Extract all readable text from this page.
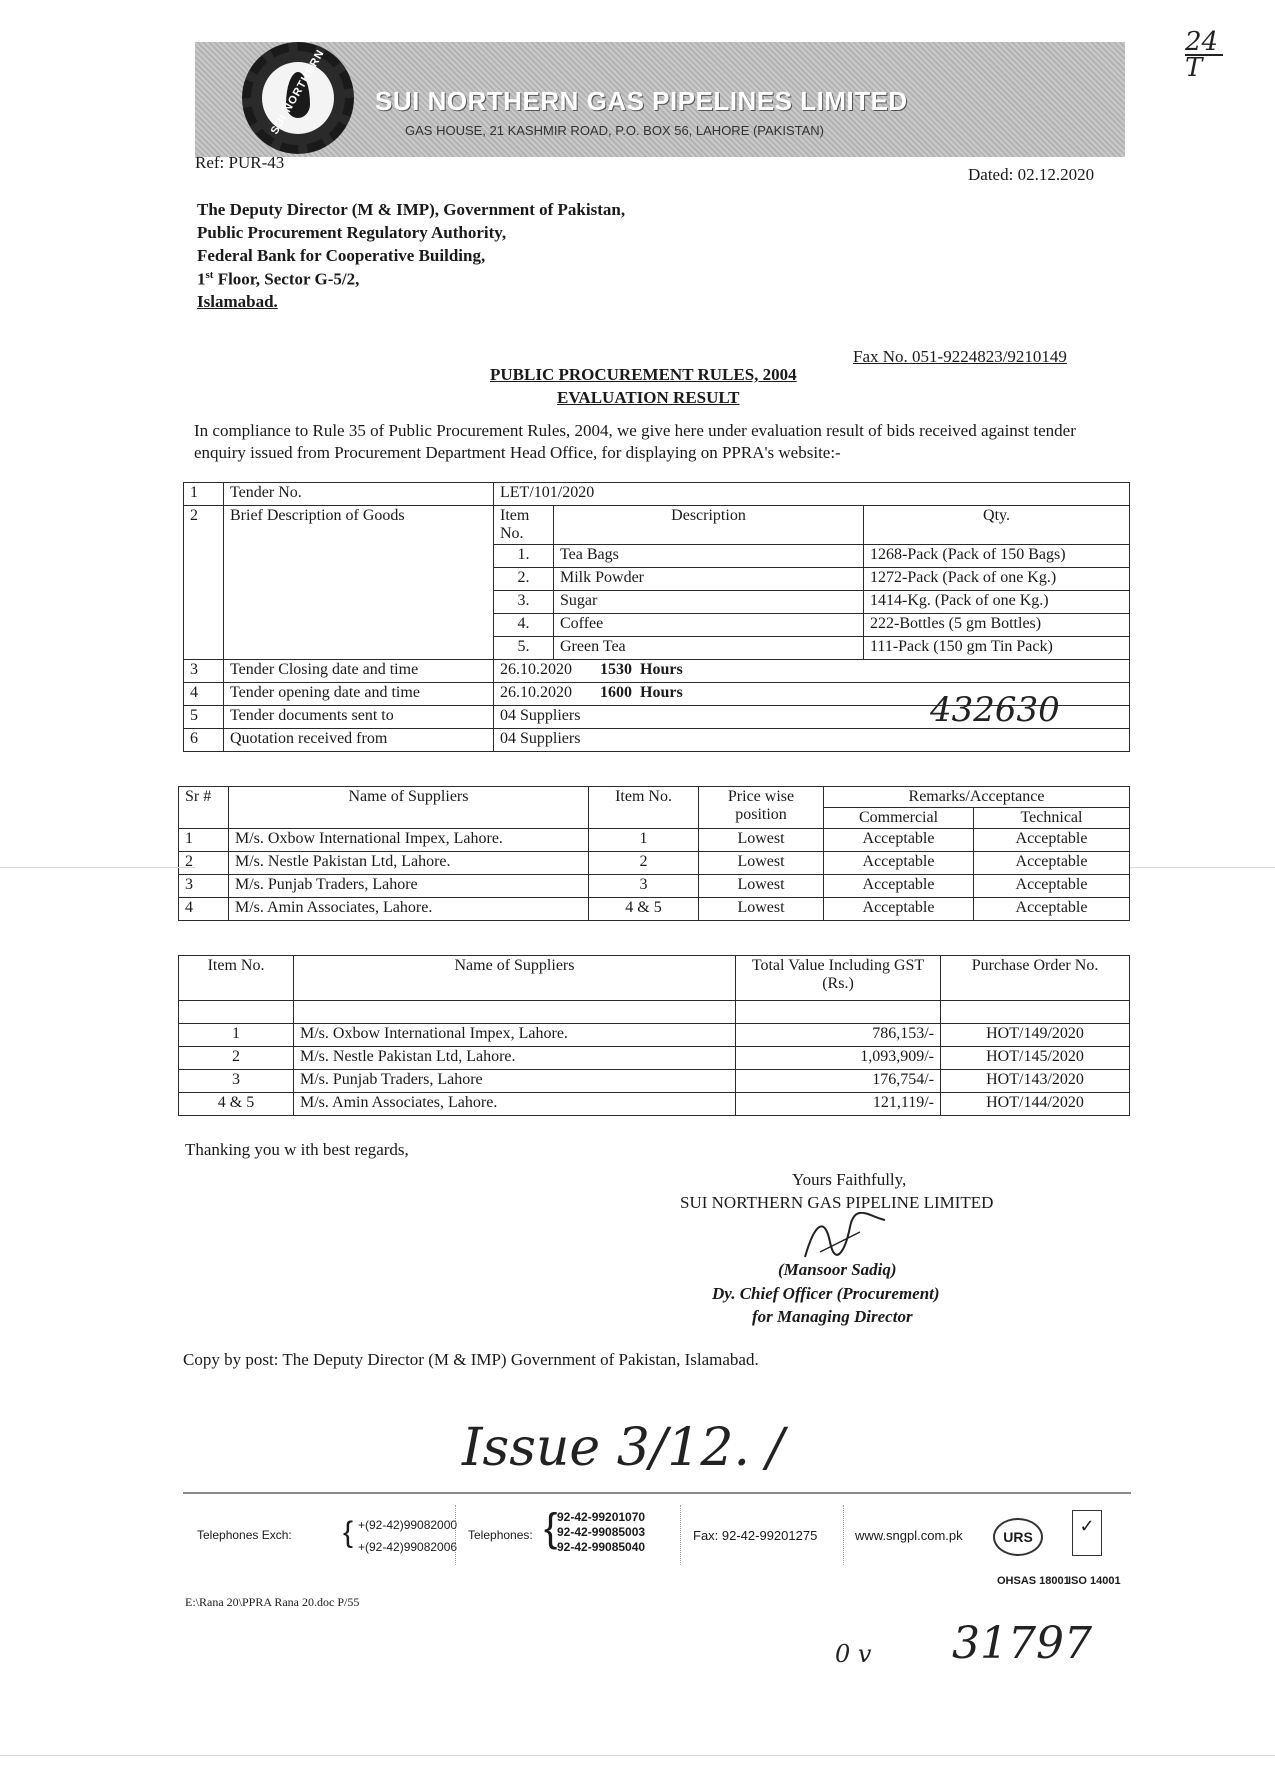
SUI NORTHERN SUI NORTHERN GAS PIPELINES LIMITED
GAS HOUSE, 21 KASHMIR ROAD, P.O. BOX 56, LAHORE (PAKISTAN)
24
T
Ref: PUR-43
Dated: 02.12.2020
The Deputy Director (M & IMP), Government of Pakistan,
Public Procurement Regulatory Authority,
Federal Bank for Cooperative Building,
1st Floor, Sector G-5/2,
Islamabad.
Fax No. 051-9224823/9210149
PUBLIC PROCUREMENT RULES, 2004
EVALUATION RESULT
In compliance to Rule 35 of Public Procurement Rules, 2004, we give here under evaluation result of bids received against tender enquiry issued from Procurement Department Head Office, for displaying on PPRA's website:-
1	Tender No.	LET/101/2020		
2	Brief Description of Goods	Item No.	Description	Qty.
		1.	Tea Bags	1268-Pack (Pack of 150 Bags)
		2.	Milk Powder	1272-Pack (Pack of one Kg.)
		3.	Sugar	1414-Kg. (Pack of one Kg.)
		4.	Coffee	222-Bottles (5 gm Bottles)
		5.	Green Tea	111-Pack (150 gm Tin Pack)
3	Tender Closing date and time	26.10.2020 1530  Hours		
4	Tender opening date and time	26.10.2020 1600  Hours		
5	Tender documents sent to	04 Suppliers		
6	Quotation received from	04 Suppliers		
432630
Sr #	Name of Suppliers	Item No.	Price wise position	Remarks/Acceptance	
				Commercial	Technical
1	M/s. Oxbow International Impex, Lahore.	1	Lowest	Acceptable	Acceptable
2	M/s. Nestle Pakistan Ltd, Lahore.	2	Lowest	Acceptable	Acceptable
3	M/s. Punjab Traders, Lahore	3	Lowest	Acceptable	Acceptable
4	M/s. Amin Associates, Lahore.	4 & 5	Lowest	Acceptable	Acceptable
Item No.	Name of Suppliers	Total Value Including GST (Rs.)	Purchase Order No.

1	M/s. Oxbow International Impex, Lahore.	786,153/-	HOT/149/2020
2	M/s. Nestle Pakistan Ltd, Lahore.	1,093,909/-	HOT/145/2020
3	M/s. Punjab Traders, Lahore	176,754/-	HOT/143/2020
4 & 5	M/s. Amin Associates, Lahore.	121,119/-	HOT/144/2020
Thanking you w ith best regards,
Yours Faithfully,
SUI NORTHERN GAS PIPELINE LIMITED
(Mansoor Sadiq)
Dy. Chief Officer (Procurement)
for Managing Director
Copy by post: The Deputy Director (M & IMP) Government of Pakistan, Islamabad.
Issue 3/12. /
Telephones Exch: { +(92-42)99082000
+(92-42)99082006
Telephones: { 92-42-99201070
92-42-99085003
92-42-99085040
Fax: 92-42-99201275	www.sngpl.com.pk	URS
✓
OHSAS 18001
ISO 14001
E:\Rana 20\PPRA Rana 20.doc P/55
0 v 31797
